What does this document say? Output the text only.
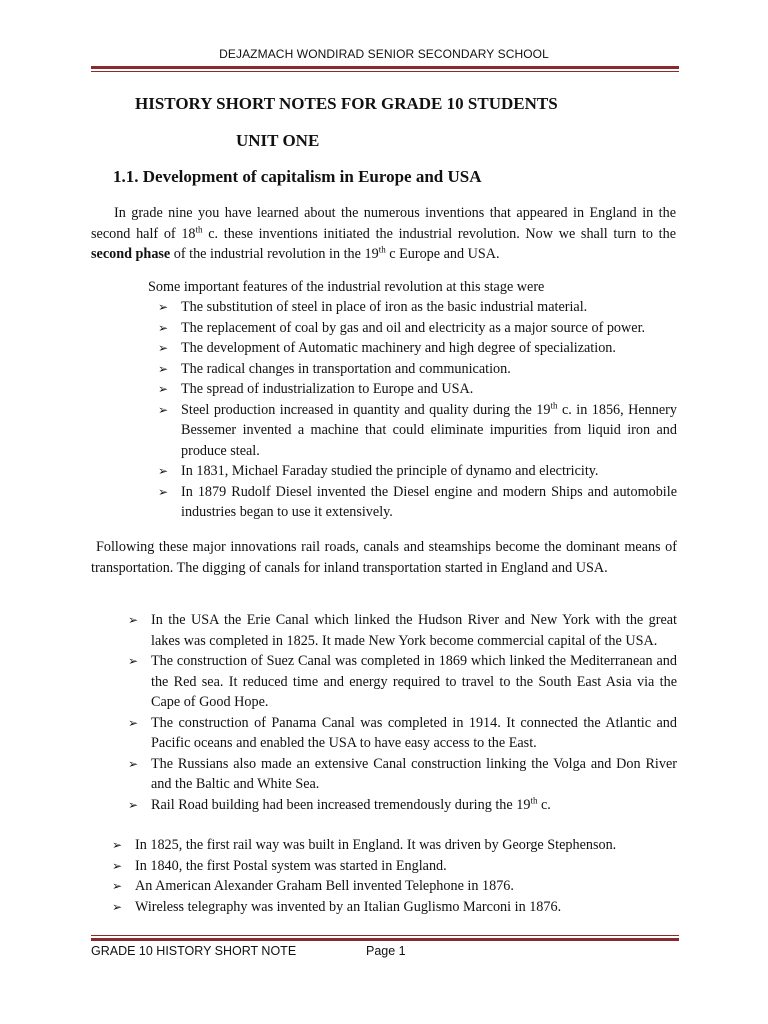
DEJAZMACH WONDIRAD SENIOR SECONDARY SCHOOL
HISTORY SHORT NOTES FOR GRADE 10 STUDENTS
UNIT ONE
1.1. Development of capitalism in Europe and USA
In grade nine you have learned about the numerous inventions that appeared in England in the second half of 18th c. these inventions initiated the industrial revolution. Now we shall turn to the second phase of the industrial revolution in the 19th c Europe and USA.
Some important features of the industrial revolution at this stage were
➢ The substitution of steel in place of iron as the basic industrial material.
➢ The replacement of coal by gas and oil and electricity as a major source of power.
➢ The development of Automatic machinery and high degree of specialization.
➢ The radical changes in transportation and communication.
➢ The spread of industrialization to Europe and USA.
➢ Steel production increased in quantity and quality during the 19th c. in 1856, Hennery Bessemer invented a machine that could eliminate impurities from liquid iron and produce steal.
➢ In 1831, Michael Faraday studied the principle of dynamo and electricity.
➢ In 1879 Rudolf Diesel invented the Diesel engine and modern Ships and automobile industries began to use it extensively.
Following these major innovations rail roads, canals and steamships become the dominant means of transportation. The digging of canals for inland transportation started in England and USA.
➢ In the USA the Erie Canal which linked the Hudson River and New York with the great lakes was completed in 1825. It made New York become commercial capital of the USA.
➢ The construction of Suez Canal was completed in 1869 which linked the Mediterranean and the Red sea. It reduced time and energy required to travel to the South East Asia via the Cape of Good Hope.
➢ The construction of Panama Canal was completed in 1914. It connected the Atlantic and Pacific oceans and enabled the USA to have easy access to the East.
➢ The Russians also made an extensive Canal construction linking the Volga and Don River and the Baltic and White Sea.
➢ Rail Road building had been increased tremendously during the 19th c.
➢ In 1825, the first rail way was built in England. It was driven by George Stephenson.
➢ In 1840, the first Postal system was started in England.
➢ An American Alexander Graham Bell invented Telephone in 1876.
➢ Wireless telegraphy was invented by an Italian Guglismo Marconi in 1876.
GRADE 10 HISTORY SHORT NOTE	Page 1
